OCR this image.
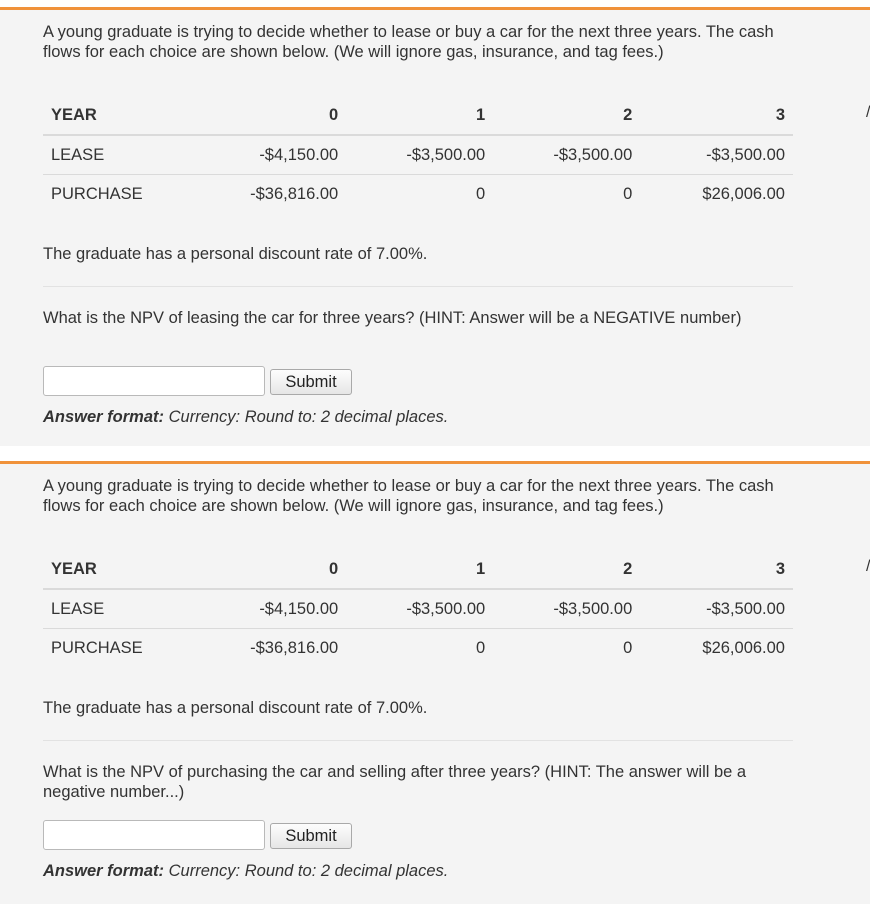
A young graduate is trying to decide whether to lease or buy a car for the next three years. The cash flows for each choice are shown below. (We will ignore gas, insurance, and tag fees.)

YEAR	0	1	2	3
LEASE	-$4,150.00	-$3,500.00	-$3,500.00	-$3,500.00
PURCHASE	-$36,816.00	0	0	$26,006.00

The graduate has a personal discount rate of 7.00%.

What is the NPV of leasing the car for three years? (HINT: Answer will be a NEGATIVE number)

Submit

Answer format: Currency: Round to: 2 decimal places.

A young graduate is trying to decide whether to lease or buy a car for the next three years. The cash flows for each choice are shown below. (We will ignore gas, insurance, and tag fees.)

YEAR	0	1	2	3
LEASE	-$4,150.00	-$3,500.00	-$3,500.00	-$3,500.00
PURCHASE	-$36,816.00	0	0	$26,006.00

The graduate has a personal discount rate of 7.00%.

What is the NPV of purchasing the car and selling after three years? (HINT: The answer will be a negative number...)

Submit

Answer format: Currency: Round to: 2 decimal places.
